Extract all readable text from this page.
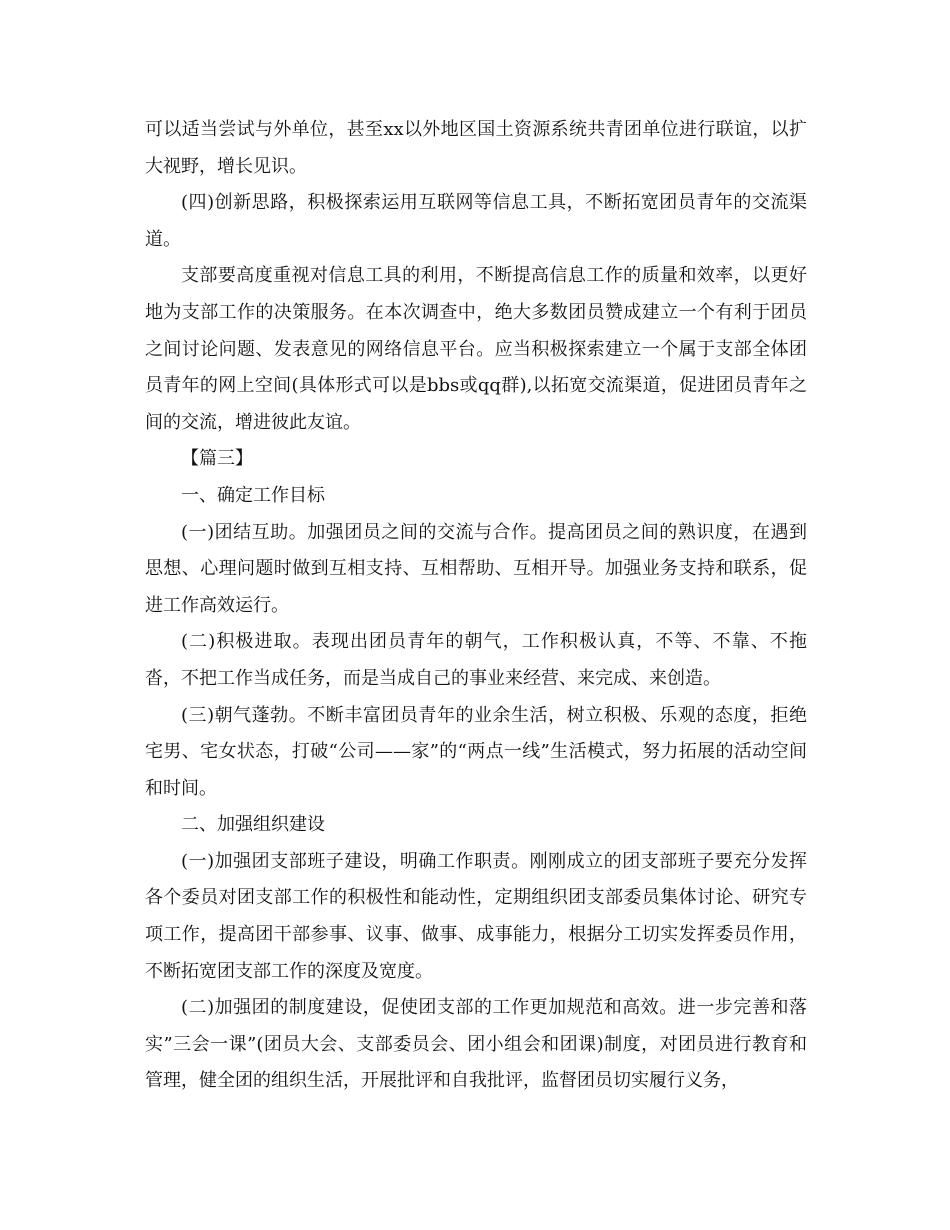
可以适当尝试与外单位，甚至xx以外地区国土资源系统共青团单位进行联谊，以扩大视野，增长见识。

(四)创新思路，积极探索运用互联网等信息工具，不断拓宽团员青年的交流渠道。

支部要高度重视对信息工具的利用，不断提高信息工作的质量和效率，以更好地为支部工作的决策服务。在本次调查中，绝大多数团员赞成建立一个有利于团员之间讨论问题、发表意见的网络信息平台。应当积极探索建立一个属于支部全体团员青年的网上空间(具体形式可以是bbs或qq群),以拓宽交流渠道，促进团员青年之间的交流，增进彼此友谊。

【篇三】

一、确定工作目标

(一)团结互助。加强团员之间的交流与合作。提高团员之间的熟识度，在遇到思想、心理问题时做到互相支持、互相帮助、互相开导。加强业务支持和联系，促进工作高效运行。

(二)积极进取。表现出团员青年的朝气，工作积极认真，不等、不靠、不拖沓，不把工作当成任务，而是当成自己的事业来经营、来完成、来创造。

(三)朝气蓬勃。不断丰富团员青年的业余生活，树立积极、乐观的态度，拒绝宅男、宅女状态，打破“公司——家”的“两点一线”生活模式，努力拓展的活动空间和时间。

二、加强组织建设

(一)加强团支部班子建设，明确工作职责。刚刚成立的团支部班子要充分发挥各个委员对团支部工作的积极性和能动性，定期组织团支部委员集体讨论、研究专项工作，提高团干部参事、议事、做事、成事能力，根据分工切实发挥委员作用，不断拓宽团支部工作的深度及宽度。

(二)加强团的制度建设，促使团支部的工作更加规范和高效。进一步完善和落实”三会一课”(团员大会、支部委员会、团小组会和团课)制度，对团员进行教育和管理，健全团的组织生活，开展批评和自我批评，监督团员切实履行义务，
